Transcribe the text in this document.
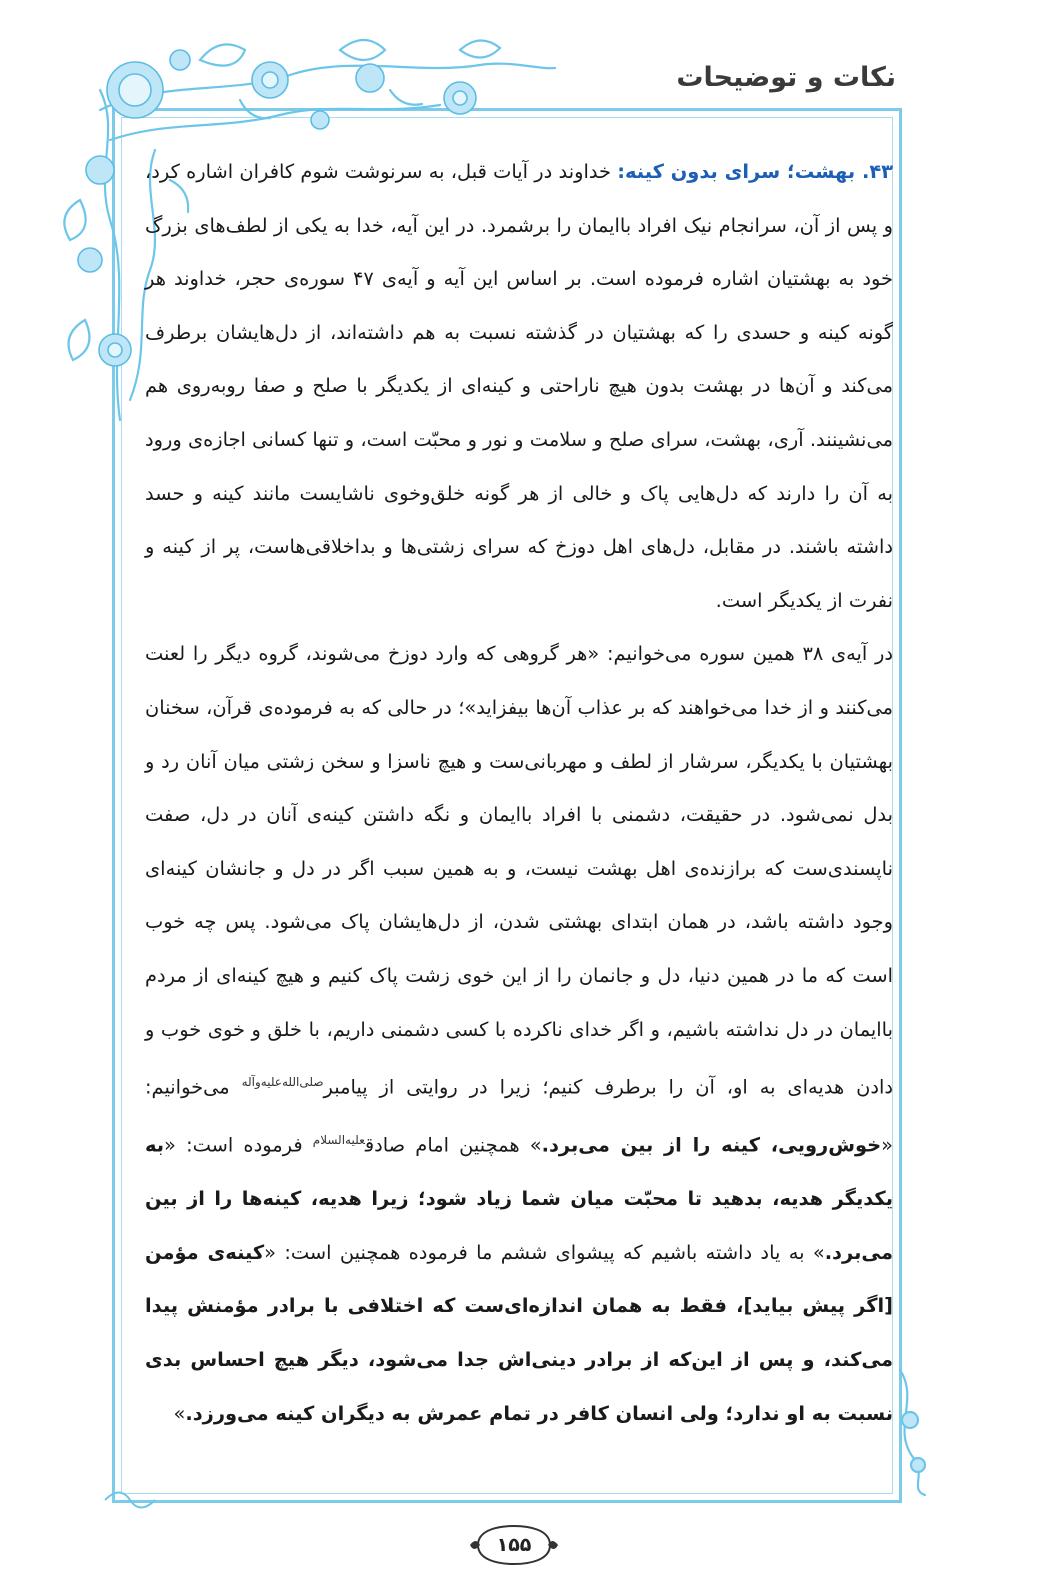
نکات و توضیحات

۴۳. بهشت؛ سرای بدون کینه: خداوند در آیات قبل، به سرنوشت شوم کافران اشاره کرد، و پس از آن، سرانجام نیک افراد باایمان را برشمرد. در این آیه، خدا به یکی از لطف‌های بزرگ خود به بهشتیان اشاره فرموده است. بر اساس این آیه و آیه‌ی ۴۷ سوره‌ی حجر، خداوند هر گونه کینه و حسدی را که بهشتیان در گذشته نسبت به هم داشته‌اند، از دل‌هایشان برطرف می‌کند و آن‌ها در بهشت بدون هیچ ناراحتی و کینه‌ای از یکدیگر با صلح و صفا روبه‌روی هم می‌نشینند. آری، بهشت، سرای صلح و سلامت و نور و محبّت است، و تنها کسانی اجازه‌ی ورود به آن را دارند که دل‌هایی پاک و خالی از هر گونه خلق‌وخوی ناشایست مانند کینه و حسد داشته باشند. در مقابل، دل‌های اهل دوزخ که سرای زشتی‌ها و بداخلاقی‌هاست، پر از کینه و نفرت از یکدیگر است.

در آیه‌ی ۳۸ همین سوره می‌خوانیم: «هر گروهی که وارد دوزخ می‌شوند، گروه دیگر را لعنت می‌کنند و از خدا می‌خواهند که بر عذاب آن‌ها بیفزاید»؛ در حالی که به فرموده‌ی قرآن، سخنان بهشتیان با یکدیگر، سرشار از لطف و مهربانی‌ست و هیچ ناسزا و سخن زشتی میان آنان رد و بدل نمی‌شود. در حقیقت، دشمنی با افراد باایمان و نگه داشتن کینه‌ی آنان در دل، صفت ناپسندی‌ست که برازنده‌ی اهل بهشت نیست، و به همین سبب اگر در دل و جانشان کینه‌ای وجود داشته باشد، در همان ابتدای بهشتی شدن، از دل‌هایشان پاک می‌شود. پس چه خوب است که ما در همین دنیا، دل و جانمان را از این خوی زشت پاک کنیم و هیچ کینه‌ای از مردم باایمان در دل نداشته باشیم، و اگر خدای ناکرده با کسی دشمنی داریم، با خلق و خوی خوب و دادن هدیه‌ای به او، آن را برطرف کنیم؛ زیرا در روایتی از پیامبر$^{صلی‌الله‌علیه‌وآله}$ می‌خوانیم: «خوش‌رویی، کینه را از بین می‌برد.» همچنین امام صادق$^{علیه‌السلام}$ فرموده است: «به یکدیگر هدیه، بدهید تا محبّت میان شما زیاد شود؛ زیرا هدیه، کینه‌ها را از بین می‌برد.» به یاد داشته باشیم که پیشوای ششم ما فرموده همچنین است: «کینه‌ی مؤمن [اگر پیش بیاید]، فقط به همان اندازه‌ای‌ست که اختلافی با برادر مؤمنش پیدا می‌کند، و پس از این‌که از برادر دینی‌اش جدا می‌شود، دیگر هیچ احساس بدی نسبت به او ندارد؛ ولی انسان کافر در تمام عمرش به دیگران کینه می‌ورزد.»

۱۵۵
